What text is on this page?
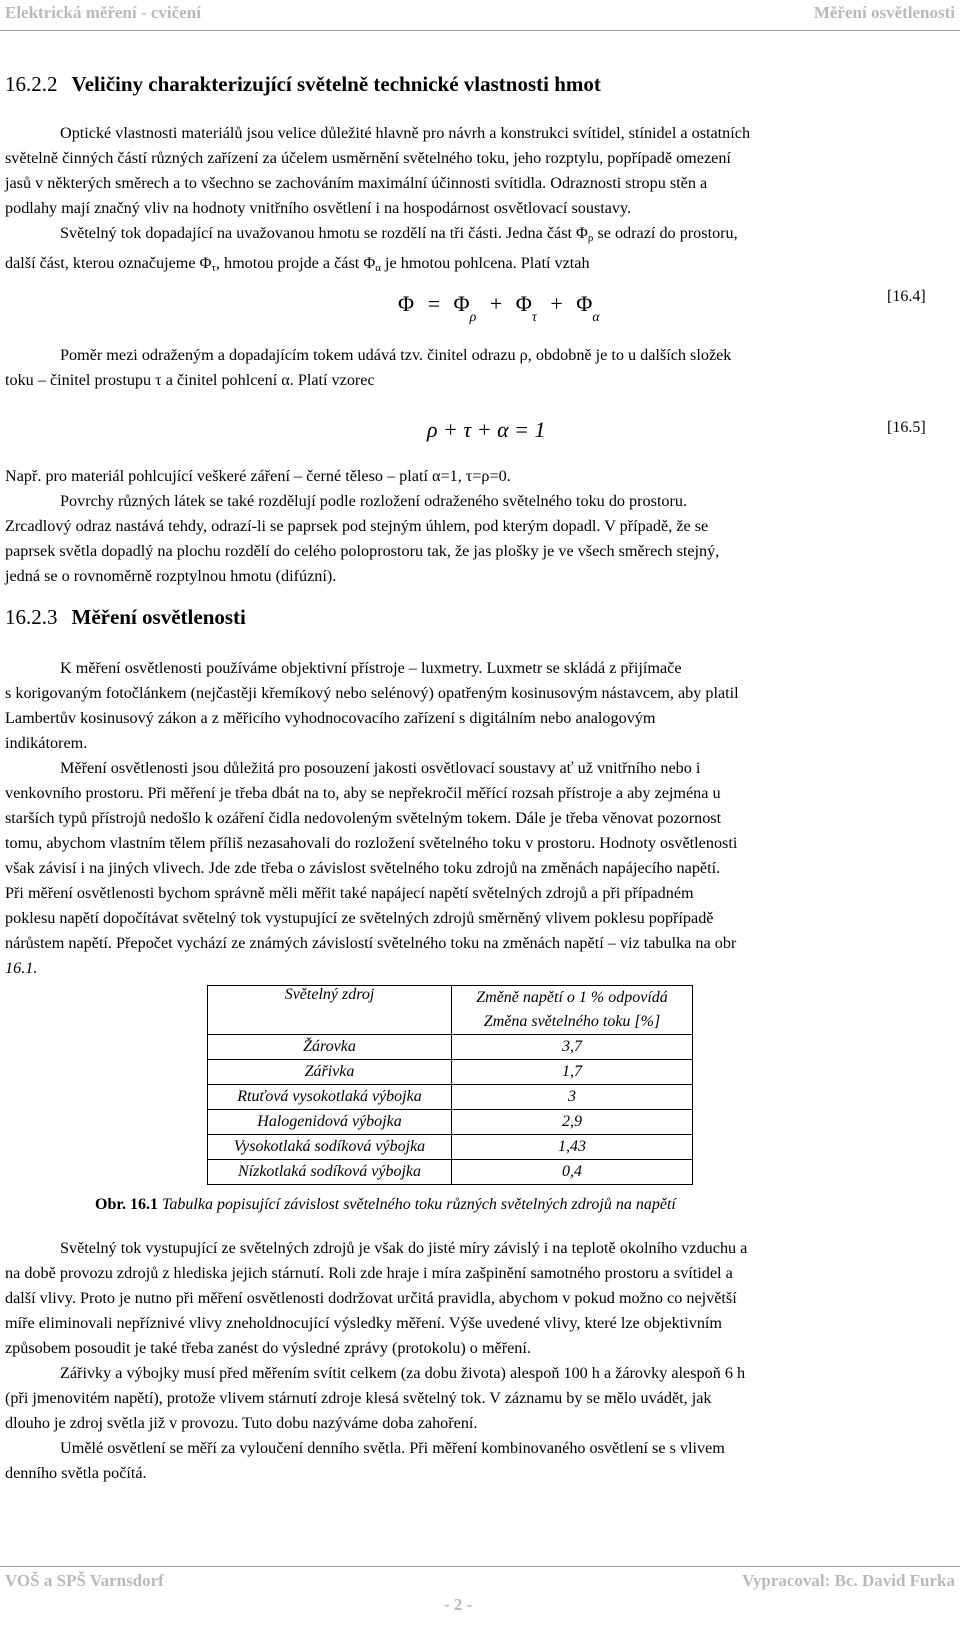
Elektrická měření - cvičení	Měření osvětlenosti
16.2.2 Veličiny charakterizující světelně technické vlastnosti hmot

Optické vlastnosti materiálů jsou velice důležité hlavně pro návrh a konstrukci svítidel, stínidel a ostatních
světelně činných částí různých zařízení za účelem usměrnění světelného toku, jeho rozptylu, popřípadě omezení
jasů v některých směrech a to všechno se zachováním maximální účinnosti svítidla. Odraznosti stropu stěn a
podlahy mají značný vliv na hodnoty vnitřního osvětlení i na hospodárnost osvětlovací soustavy.

Světelný tok dopadající na uvažovanou hmotu se rozdělí na tři části. Jedna část $\Phi_\rho$ se odrazí do prostoru,
další část, kterou označujeme $\Phi_\tau$, hmotou projde a část $\Phi_\alpha$ je hmotou pohlcena. Platí vztah

$\Phi = \Phi_\rho + \Phi_\tau + \Phi_\alpha$
[16.4]

Poměr mezi odraženým a dopadajícím tokem udává tzv. činitel odrazu ρ, obdobně je to u dalších složek
toku – činitel prostupu τ a činitel pohlcení α. Platí vzorec

ρ + τ + α = 1	[16.5]

Např. pro materiál pohlcující veškeré záření – černé těleso – platí α=1, τ=ρ=0.
Povrchy různých látek se také rozdělují podle rozložení odraženého světelného toku do prostoru.
Zrcadlový odraz nastává tehdy, odrazí-li se paprsek pod stejným úhlem, pod kterým dopadl. V případě, že se
paprsek světla dopadlý na plochu rozdělí do celého poloprostoru tak, že jas plošky je ve všech směrech stejný,
jedná se o rovnoměrně rozptylnou hmotu (difúzní).

16.2.3 Měření osvětlenosti

K měření osvětlenosti používáme objektivní přístroje – luxmetry. Luxmetr se skládá z přijímače
s korigovaným fotočlánkem (nejčastěji křemíkový nebo selénový) opatřeným kosinusovým nástavcem, aby platil
Lambertův kosinusový zákon a z měřicího vyhodnocovacího zařízení s digitálním nebo analogovým
indikátorem.

Měření osvětlenosti jsou důležitá pro posouzení jakosti osvětlovací soustavy ať už vnitřního nebo i
venkovního prostoru. Při měření je třeba dbát na to, aby se nepřekročil měřící rozsah přístroje a aby zejména u
starších typů přístrojů nedošlo k ozáření čidla nedovoleným světelným tokem. Dále je třeba věnovat pozornost
tomu, abychom vlastním tělem příliš nezasahovali do rozložení světelného toku v prostoru. Hodnoty osvětlenosti
však závisí i na jiných vlivech. Jde zde třeba o závislost světelného toku zdrojů na změnách napájecího napětí.
Při měření osvětlenosti bychom správně měli měřit také napájecí napětí světelných zdrojů a při případném
poklesu napětí dopočítávat světelný tok vystupující ze světelných zdrojů směrněný vlivem poklesu popřípadě
nárůstem napětí. Přepočet vychází ze známých závislostí světelného toku na změnách napětí – viz tabulka na obr
16.1.

Světelný zdroj	Změně napětí o 1 % odpovídá
	Změna světelného toku [%]
Žárovka	3,7
Zářivka	1,7
Rtuťová vysokotlaká výbojka	3
Halogenidová výbojka	2,9
Vysokotlaká sodíková výbojka	1,43
Nízkotlaká sodíková výbojka	0,4
Obr. 16.1 Tabulka popisující závislost světelného toku různých světelných zdrojů na napětí

Světelný tok vystupující ze světelných zdrojů je však do jisté míry závislý i na teplotě okolního vzduchu a
na době provozu zdrojů z hlediska jejich stárnutí. Roli zde hraje i míra zašpinění samotného prostoru a svítidel a
další vlivy. Proto je nutno při měření osvětlenosti dodržovat určitá pravidla, abychom v pokud možno co největší
míře eliminovali nepříznivé vlivy zneholdnocující výsledky měření. Výše uvedené vlivy, které lze objektivním
způsobem posoudit je také třeba zanést do výsledné zprávy (protokolu) o měření.

Zářivky a výbojky musí před měřením svítit celkem (za dobu života) alespoň 100 h a žárovky alespoň 6 h
(při jmenovitém napětí), protože vlivem stárnutí zdroje klesá světelný tok. V záznamu by se mělo uvádět, jak
dlouho je zdroj světla již v provozu. Tuto dobu nazýváme doba zahoření.

Umělé osvětlení se měří za vyloučení denního světla. Při měření kombinovaného osvětlení se s vlivem
denního světla počítá.

VOŠ a SPŠ Varnsdorf	Vypracoval: Bc. David Furka
- 2 -
